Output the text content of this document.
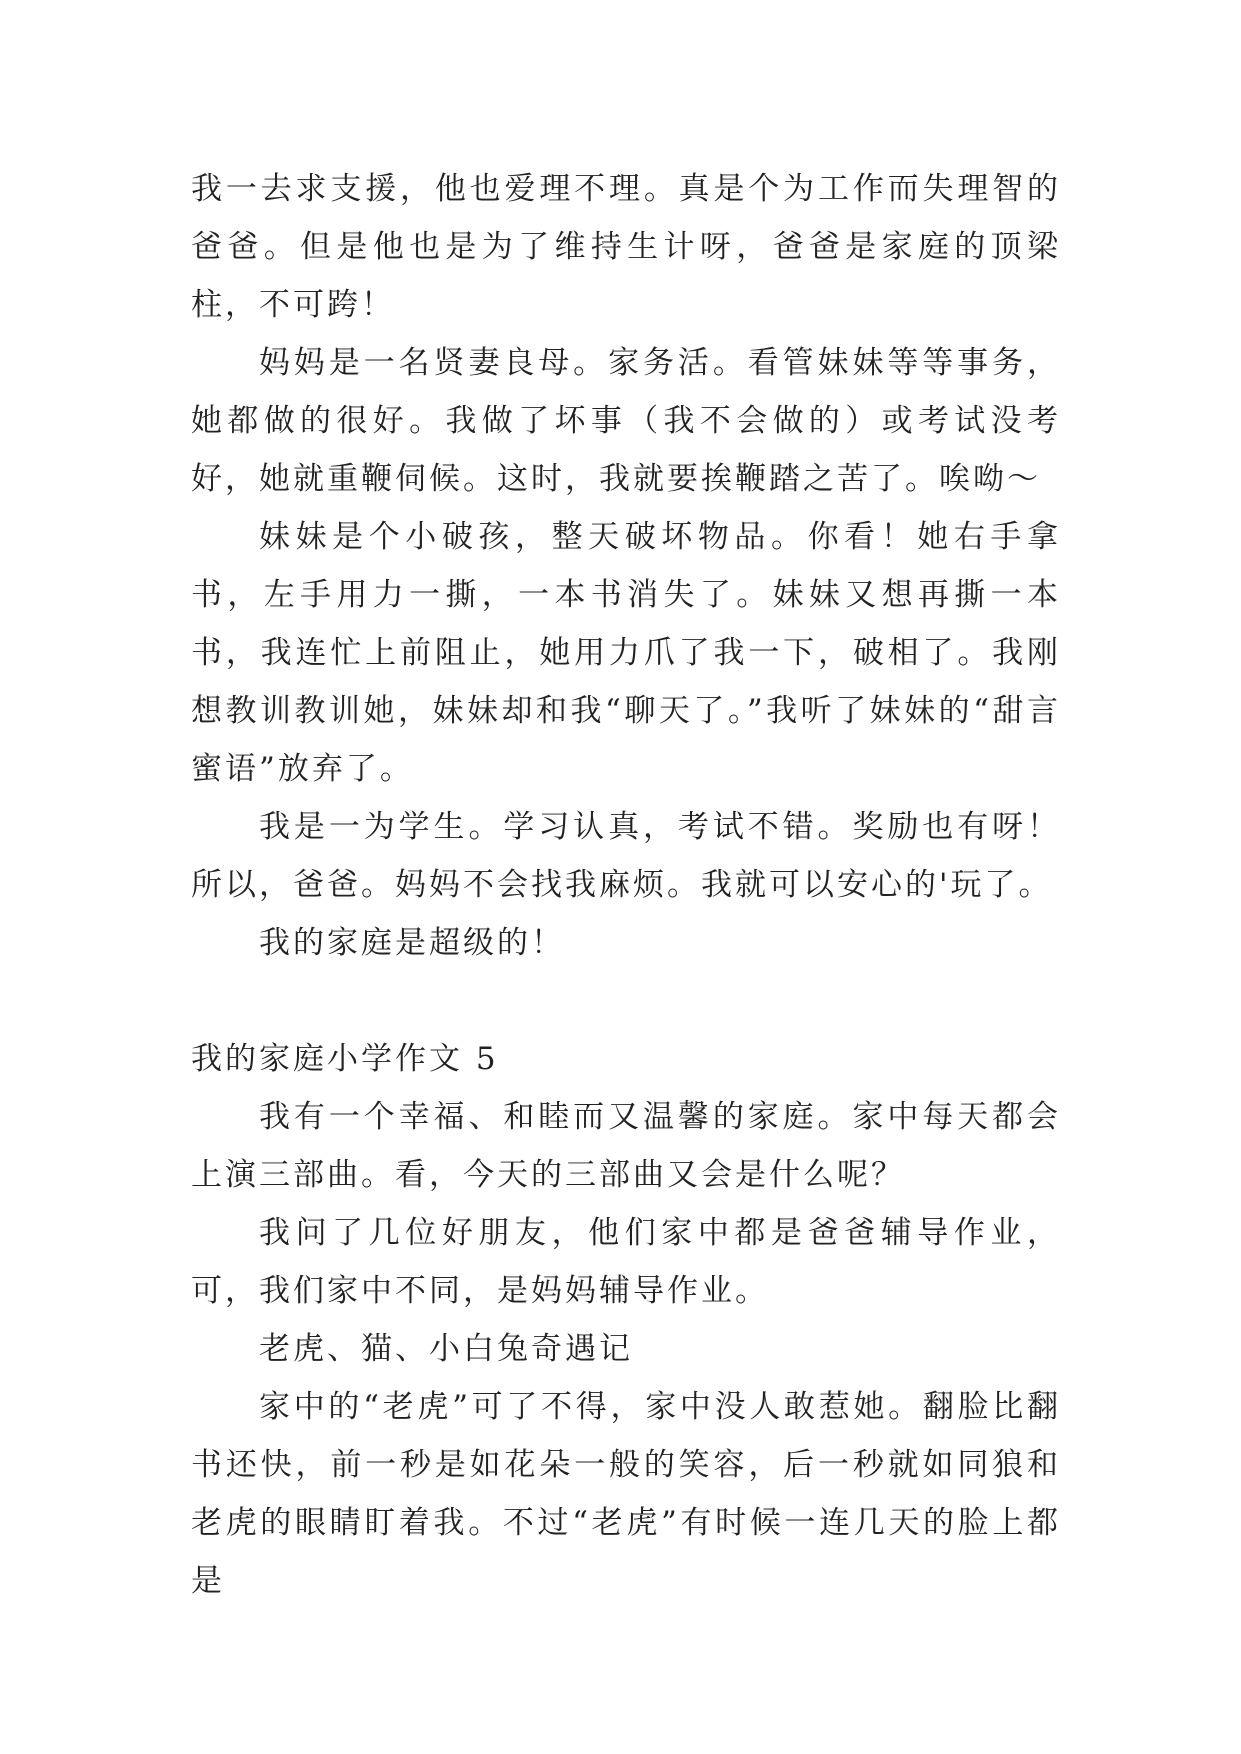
我一去求支援，他也爱理不理。真是个为工作而失理智的爸爸。但是他也是为了维持生计呀，爸爸是家庭的顶梁柱，不可跨！

妈妈是一名贤妻良母。家务活。看管妹妹等等事务，她都做的很好。我做了坏事（我不会做的）或考试没考好，她就重鞭伺候。这时，我就要挨鞭踏之苦了。唉呦～

妹妹是个小破孩，整天破坏物品。你看！她右手拿书，左手用力一撕，一本书消失了。妹妹又想再撕一本书，我连忙上前阻止，她用力爪了我一下，破相了。我刚想教训教训她，妹妹却和我“聊天了。”我听了妹妹的“甜言蜜语”放弃了。

我是一为学生。学习认真，考试不错。奖励也有呀！所以，爸爸。妈妈不会找我麻烦。我就可以安心的'玩了。

我的家庭是超级的！

我的家庭小学作文 5

我有一个幸福、和睦而又温馨的家庭。家中每天都会上演三部曲。看，今天的三部曲又会是什么呢？

我问了几位好朋友，他们家中都是爸爸辅导作业，可，我们家中不同，是妈妈辅导作业。

老虎、猫、小白兔奇遇记

家中的“老虎”可了不得，家中没人敢惹她。翻脸比翻书还快，前一秒是如花朵一般的笑容，后一秒就如同狼和老虎的眼睛盯着我。不过“老虎”有时候一连几天的脸上都是
